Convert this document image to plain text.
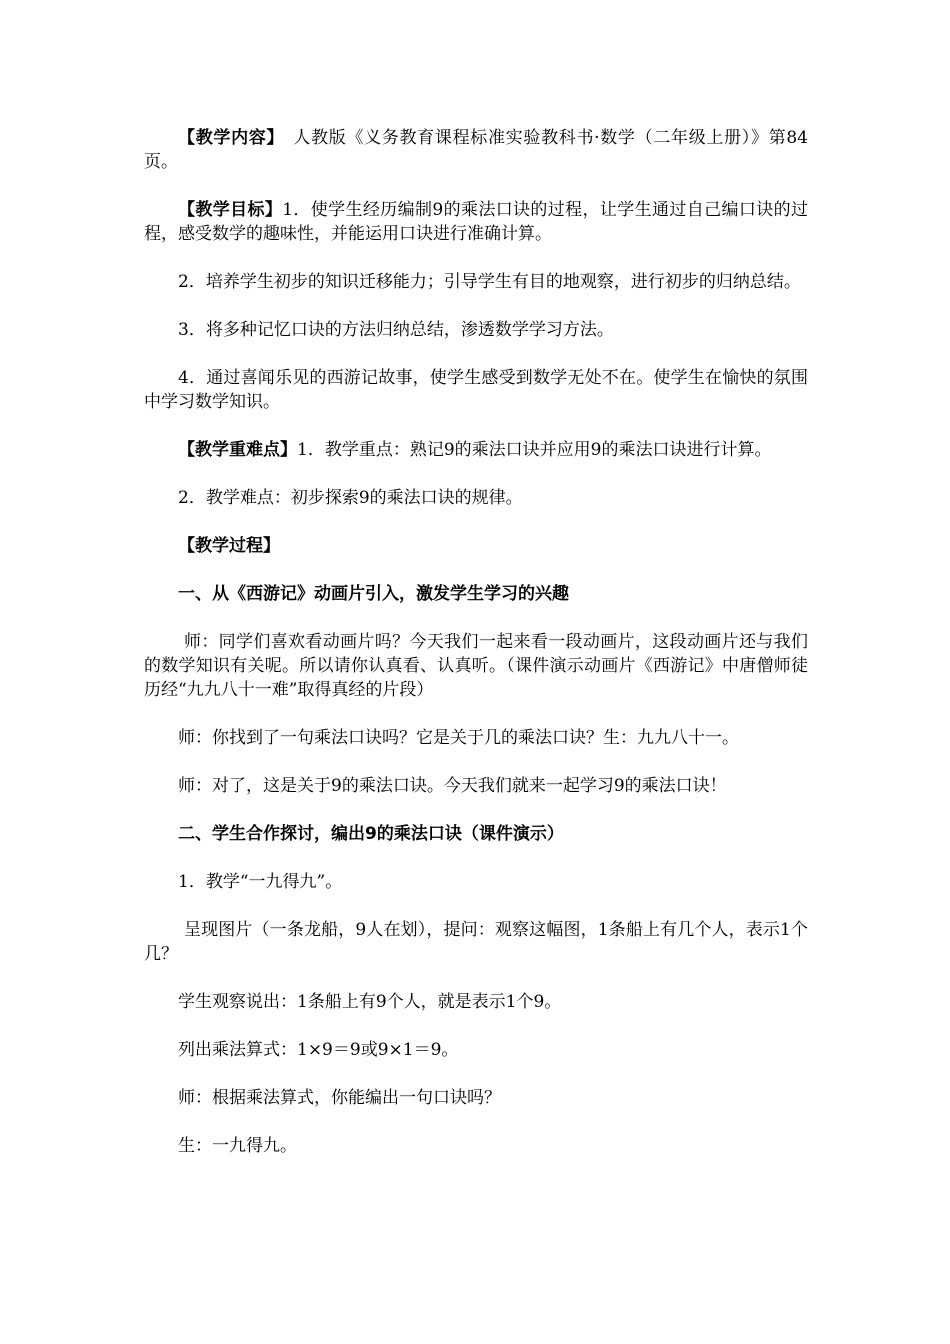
【教学内容】　人教版《义务教育课程标准实验教科书·数学（二年级上册）》第84页。

【教学目标】1．使学生经历编制9的乘法口诀的过程，让学生通过自己编口诀的过程，感受数学的趣味性，并能运用口诀进行准确计算。

2．培养学生初步的知识迁移能力；引导学生有目的地观察，进行初步的归纳总结。

3．将多种记忆口诀的方法归纳总结，渗透数学学习方法。

4．通过喜闻乐见的西游记故事，使学生感受到数学无处不在。使学生在愉快的氛围中学习数学知识。

【教学重难点】1．教学重点：熟记9的乘法口诀并应用9的乘法口诀进行计算。

2．教学难点：初步探索9的乘法口诀的规律。

【教学过程】

一、从《西游记》动画片引入，激发学生学习的兴趣

师：同学们喜欢看动画片吗？今天我们一起来看一段动画片，这段动画片还与我们的数学知识有关呢。所以请你认真看、认真听。（课件演示动画片《西游记》中唐僧师徒历经“九九八十一难”取得真经的片段）

师：你找到了一句乘法口诀吗？它是关于几的乘法口诀？生：九九八十一。

师：对了，这是关于9的乘法口诀。今天我们就来一起学习9的乘法口诀！

二、学生合作探讨，编出9的乘法口诀（课件演示）

1．教学“一九得九”。

呈现图片（一条龙船，9人在划），提问：观察这幅图，1条船上有几个人，表示1个几？

学生观察说出：1条船上有9个人，就是表示1个9。

列出乘法算式：1×9＝9或9×1＝9。

师：根据乘法算式，你能编出一句口诀吗？

生：一九得九。
